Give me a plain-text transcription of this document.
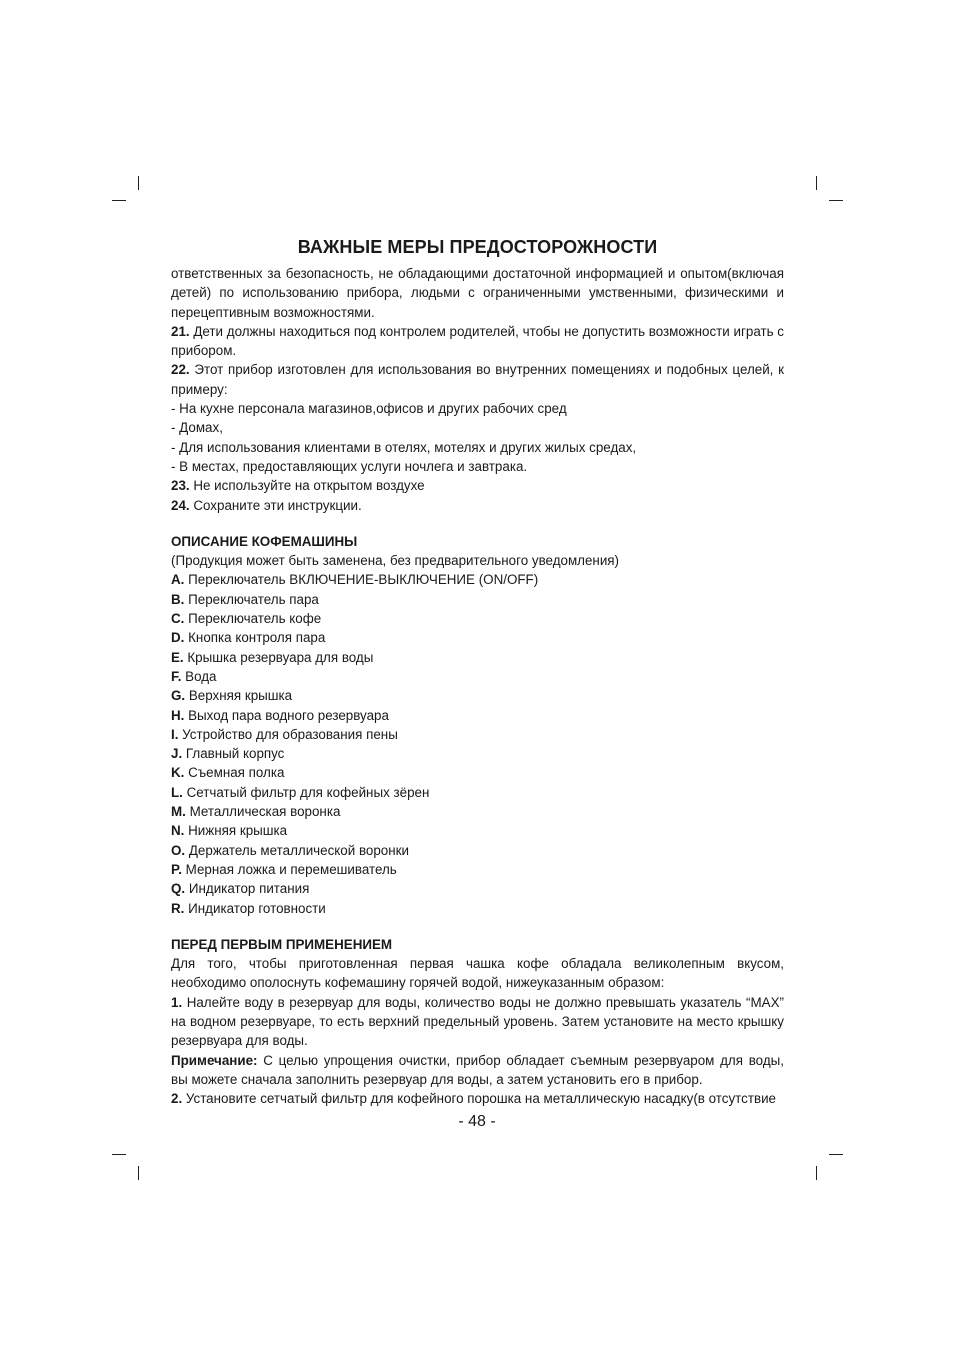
ВАЖНЫЕ МЕРЫ ПРЕДОСТОРОЖНОСТИ

ответственных за безопасность, не обладающими достаточной информацией и опытом(включая детей) по использованию прибора, людьми с ограниченными умственными, физическими и перецептивным возможностями.

21. Дети должны находиться под контролем родителей, чтобы не допустить возможности играть с прибором.

22. Этот прибор изготовлен для использования во внутренних помещениях и подобных целей, к примеру:

- На кухне персонала магазинов,офисов и других рабочих сред
- Домах,
- Для использования клиентами в отелях, мотелях и других жилых средах,
- В местах, предоставляющих услуги ночлега и завтрака.

23. Не используйте на открытом воздухе

24. Сохраните эти инструкции.

ОПИСАНИЕ КОФЕМАШИНЫ

(Продукция может быть заменена, без предварительного уведомления)

A. Переключатель ВКЛЮЧЕНИЕ-ВЫКЛЮЧЕНИЕ (ON/OFF)
B. Переключатель пара
C. Переключатель кофе
D. Кнопка контроля пара
E. Крышка резервуара для воды
F. Вода
G. Верхняя крышка
H. Выход пара водного резервуара
I. Устройство для образования пены
J. Главный корпус
K. Съемная полка
L. Сетчатый фильтр для кофейных зёрен
M. Металлическая воронка
N. Нижняя крышка
O. Держатель металлической воронки
P. Мерная ложка и перемешиватель
Q. Индикатор питания
R. Индикатор готовности
ПЕРЕД ПЕРВЫМ ПРИМЕНЕНИЕМ

Для того, чтобы приготовленная первая чашка кофе обладала великолепным вкусом, необходимо ополоснуть кофемашину горячей водой, нижеуказанным образом:

1. Налейте воду в резервуар для воды, количество воды не должно превышать указатель “MAX” на водном резервуаре, то есть верхний предельный уровень. Затем установите на место крышку резервуара для воды.

Примечание: С целью упрощения очистки, прибор обладает съемным резервуаром для воды, вы можете сначала заполнить резервуар для воды, а затем установить его в прибор.

2. Установите сетчатый фильтр для кофейного порошка на металлическую насадку(в отсутствие

- 48 -
